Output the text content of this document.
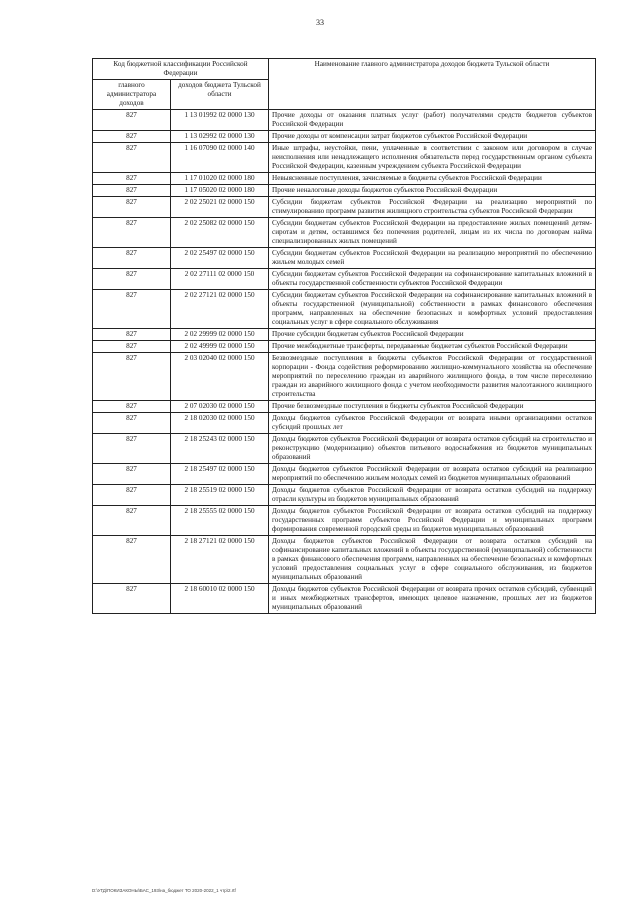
33
Код бюджетной классификации Российской Федерации		Наименование главного администратора доходов бюджета Тульской области
главного администратора доходов	доходов бюджета Тульской области	
827	1 13 01992 02 0000 130	Прочие доходы от оказания платных услуг (работ) получателями средств бюджетов субъектов Российской Федерации
827	1 13 02992 02 0000 130	Прочие доходы от компенсации затрат бюджетов субъектов Российской Федерации
827	1 16 07090 02 0000 140	Иные штрафы, неустойки, пени, уплаченные в соответствии с законом или договором в случае неисполнения или ненадлежащего исполнения обязательств перед государственным органом субъекта Российской Федерации, казенным учреждением субъекта Российской Федерации
827	1 17 01020 02 0000 180	Невыясненные поступления, зачисляемые в бюджеты субъектов Российской Федерации
827	1 17 05020 02 0000 180	Прочие неналоговые доходы бюджетов субъектов Российской Федерации
827	2 02 25021 02 0000 150	Субсидии бюджетам субъектов Российской Федерации на реализацию мероприятий по стимулированию программ развития жилищного строительства субъектов Российской Федерации
827	2 02 25082 02 0000 150	Субсидии бюджетам субъектов Российской Федерации на предоставление жилых помещений детям-сиротам и детям, оставшимся без попечения родителей, лицам из их числа по договорам найма специализированных жилых помещений
827	2 02 25497 02 0000 150	Субсидии бюджетам субъектов Российской Федерации на реализацию мероприятий по обеспечению жильем молодых семей
827	2 02 27111 02 0000 150	Субсидии бюджетам субъектов Российской Федерации на софинансирование капитальных вложений в объекты государственной собственности субъектов Российской Федерации
827	2 02 27121 02 0000 150	Субсидии бюджетам субъектов Российской Федерации на софинансирование капитальных вложений в объекты государственной (муниципальной) собственности в рамках финансового обеспечения программ, направленных на обеспечение безопасных и комфортных условий предоставления социальных услуг в сфере социального обслуживания
827	2 02 29999 02 0000 150	Прочие субсидии бюджетам субъектов Российской Федерации
827	2 02 49999 02 0000 150	Прочие межбюджетные трансферты, передаваемые бюджетам субъектов Российской Федерации
827	2 03 02040 02 0000 150	Безвозмездные поступления в бюджеты субъектов Российской Федерации от государственной корпорации - Фонда содействия реформированию жилищно-коммунального хозяйства на обеспечение мероприятий по переселению граждан из аварийного жилищного фонда, в том числе переселению граждан из аварийного жилищного фонда с учетом необходимости развития малоэтажного жилищного строительства
827	2 07 02030 02 0000 150	Прочие безвозмездные поступления в бюджеты субъектов Российской Федерации
827	2 18 02030 02 0000 150	Доходы бюджетов субъектов Российской Федерации от возврата иными организациями остатков субсидий прошлых лет
827	2 18 25243 02 0000 150	Доходы бюджетов субъектов Российской Федерации от возврата остатков субсидий на строительство и реконструкцию (модернизацию) объектов питьевого водоснабжения из бюджетов муниципальных образований
827	2 18 25497 02 0000 150	Доходы бюджетов субъектов Российской Федерации от возврата остатков субсидий на реализацию мероприятий по обеспечению жильем молодых семей из бюджетов муниципальных образований
827	2 18 25519 02 0000 150	Доходы бюджетов субъектов Российской Федерации от возврата остатков субсидий на поддержку отрасли культуры из бюджетов муниципальных образований
827	2 18 25555 02 0000 150	Доходы бюджетов субъектов Российской Федерации от возврата остатков субсидий на поддержку государственных программ субъектов Российской Федерации и муниципальных программ формирования современной городской среды из бюджетов муниципальных образований
827	2 18 27121 02 0000 150	Доходы бюджетов субъектов Российской Федерации от возврата остатков субсидий на софинансирование капитальных вложений в объекты государственной (муниципальной) собственности в рамках финансового обеспечения программ, направленных на обеспечение безопасных и комфортных условий предоставления социальных услуг в сфере социального обслуживания, из бюджетов муниципальных образований
827	2 18 60010 02 0000 150	Доходы бюджетов субъектов Российской Федерации от возврата прочих остатков субсидий, субвенций и иных межбюджетных трансфертов, имеющих целевое назначение, прошлых лет из бюджетов муниципальных образований
D:\УГД\ПОКИЗАКОНЫ\БАС_193\на_бюджет ТО 2020-2022_1 чтр\2.rtf
